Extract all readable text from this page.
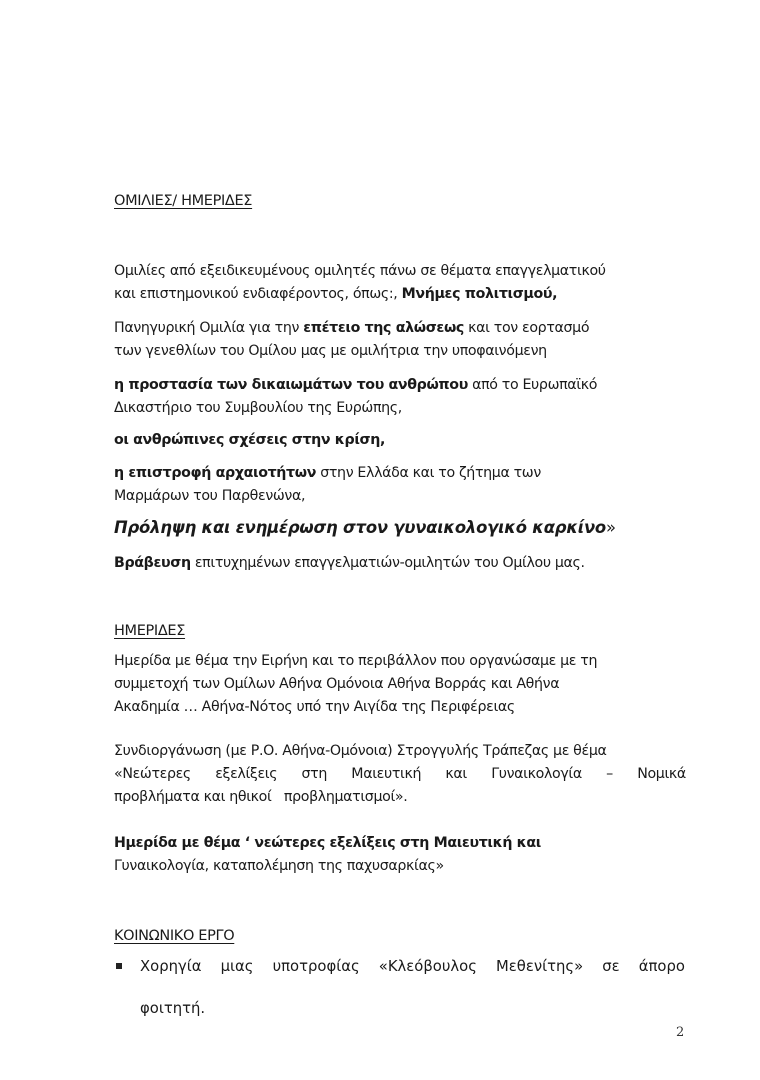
ΟΜΙΛΙΕΣ/ ΗΜΕΡΙΔΕΣ
Ομιλίες από εξειδικευμένους ομιλητές πάνω σε θέματα επαγγελματικού
και επιστημονικού ενδιαφέροντος, όπως:, Μνήμες πολιτισμού,
Πανηγυρική Ομιλία για την επέτειο της αλώσεως και τον εορτασμό
των γενεθλίων του Ομίλου μας με ομιλήτρια την υποφαινόμενη
η προστασία των δικαιωμάτων του ανθρώπου από το Ευρωπαϊκό
Δικαστήριο του Συμβουλίου της Ευρώπης,
οι ανθρώπινες σχέσεις στην κρίση,
η επιστροφή αρχαιοτήτων στην Ελλάδα και το ζήτημα των
Μαρμάρων του Παρθενώνα,
Πρόληψη και ενημέρωση στον γυναικολογικό καρκίνο»
Βράβευση επιτυχημένων επαγγελματιών-ομιλητών του Ομίλου μας.
ΗΜΕΡΙΔΕΣ
Ημερίδα με θέμα την Ειρήνη και το περιβάλλον που οργανώσαμε με τη
συμμετοχή των Ομίλων Αθήνα Ομόνοια Αθήνα Βορράς και Αθήνα
Ακαδημία … Αθήνα-Νότος υπό την Αιγίδα της Περιφέρειας
Συνδιοργάνωση (με Ρ.Ο. Αθήνα-Ομόνοια) Στρογγυλής Τράπεζας με θέμα
«Νεώτερες εξελίξεις στη Μαιευτική και Γυναικολογία – Νομικά
προβλήματα και ηθικοί   προβληματισμοί».
Ημερίδα με θέμα ‘ νεώτερες εξελίξεις στη Μαιευτική και
Γυναικολογία, καταπολέμηση της παχυσαρκίας»
ΚΟΙΝΩΝΙΚΟ ΕΡΓΟ
Χορηγία μιας υποτροφίας «Κλεόβουλος Μεθενίτης» σε άπορο
φοιτητή.
2
